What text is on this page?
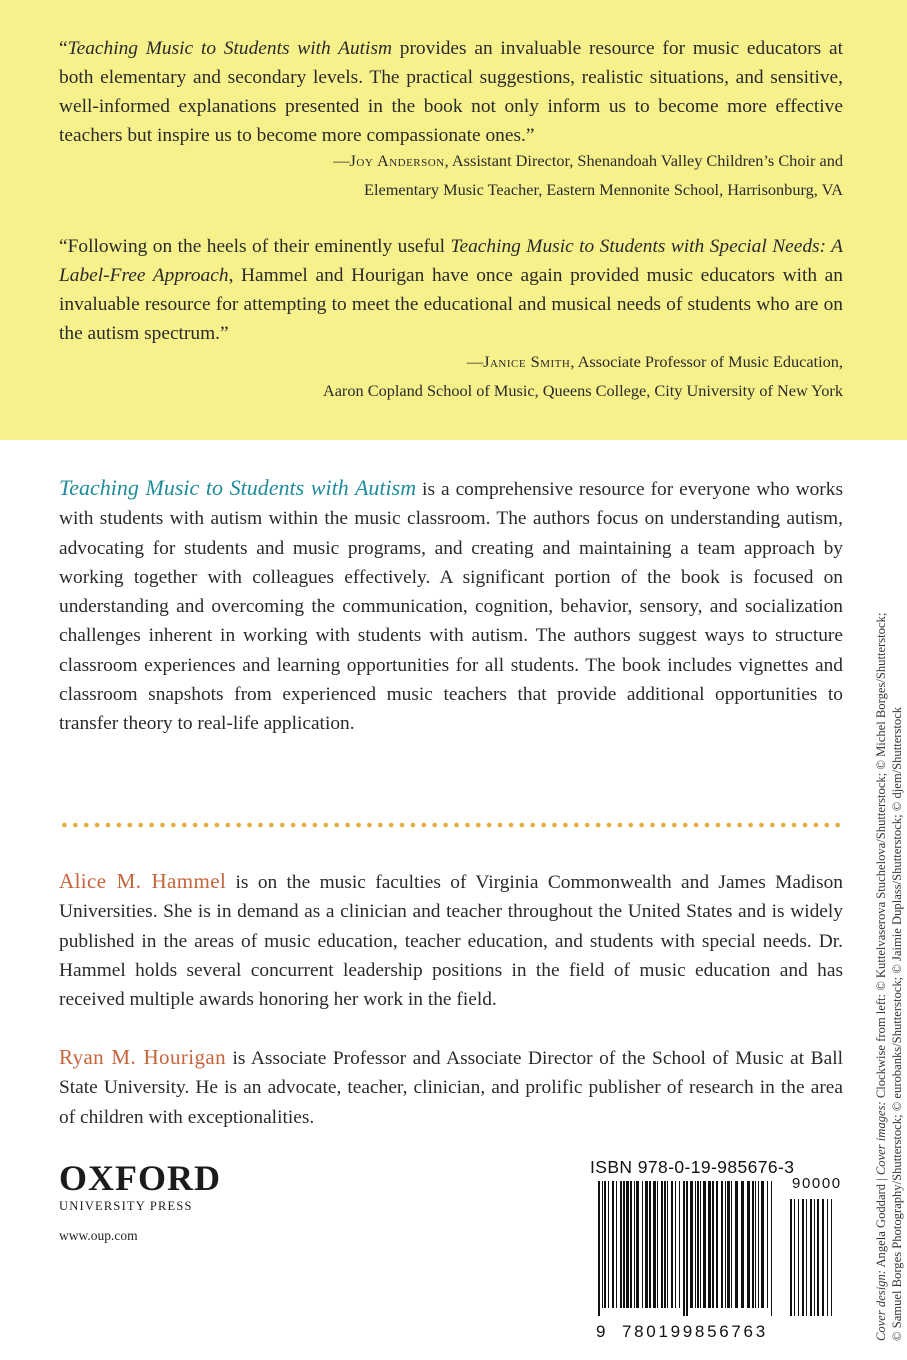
“Teaching Music to Students with Autism provides an invaluable resource for music educators at both elementary and secondary levels. The practical suggestions, realistic situations, and sensitive, well-informed explanations presented in the book not only inform us to become more effective teachers but inspire us to become more compassionate ones.”
—Joy Anderson, Assistant Director, Shenandoah Valley Children’s Choir and
Elementary Music Teacher, Eastern Mennonite School, Harrisonburg, VA
“Following on the heels of their eminently useful Teaching Music to Students with Special Needs: A Label-Free Approach, Hammel and Hourigan have once again provided music educators with an invaluable resource for attempting to meet the educational and musical needs of students who are on the autism spectrum.”
—Janice Smith, Associate Professor of Music Education,
Aaron Copland School of Music, Queens College, City University of New York
Teaching Music to Students with Autism is a comprehensive resource for everyone who works with students with autism within the music classroom. The authors focus on understanding autism, advocating for students and music programs, and creating and maintaining a team approach by working together with colleagues effectively. A significant portion of the book is focused on understanding and overcoming the communication, cognition, behavior, sensory, and socialization challenges inherent in working with students with autism. The authors suggest ways to structure classroom experiences and learning opportunities for all students. The book includes vignettes and classroom snapshots from experienced music teachers that provide additional opportunities to transfer theory to real-life application.
Alice M. Hammel is on the music faculties of Virginia Commonwealth and James Madison Universities. She is in demand as a clinician and teacher throughout the United States and is widely published in the areas of music education, teacher education, and students with special needs. Dr. Hammel holds several concurrent leadership positions in the field of music education and has received multiple awards honoring her work in the field.
Ryan M. Hourigan is Associate Professor and Associate Director of the School of Music at Ball State University. He is an advocate, teacher, clinician, and prolific publisher of research in the area of children with exceptionalities.
OXFORD
UNIVERSITY PRESS
www.oup.com
ISBN 978-0-19-985676-3
90000
9 780199856763	Cover design: Angela Goddard | Cover images: Clockwise from left: © Kuttelvaserova Stuchelova/Shutterstock; © Michel Borges/Shutterstock; © Samuel Borges Photography/Shutterstock; © eurobanks/Shutterstock; © Jaimie Duplass/Shutterstock; © djem/Shutterstock
